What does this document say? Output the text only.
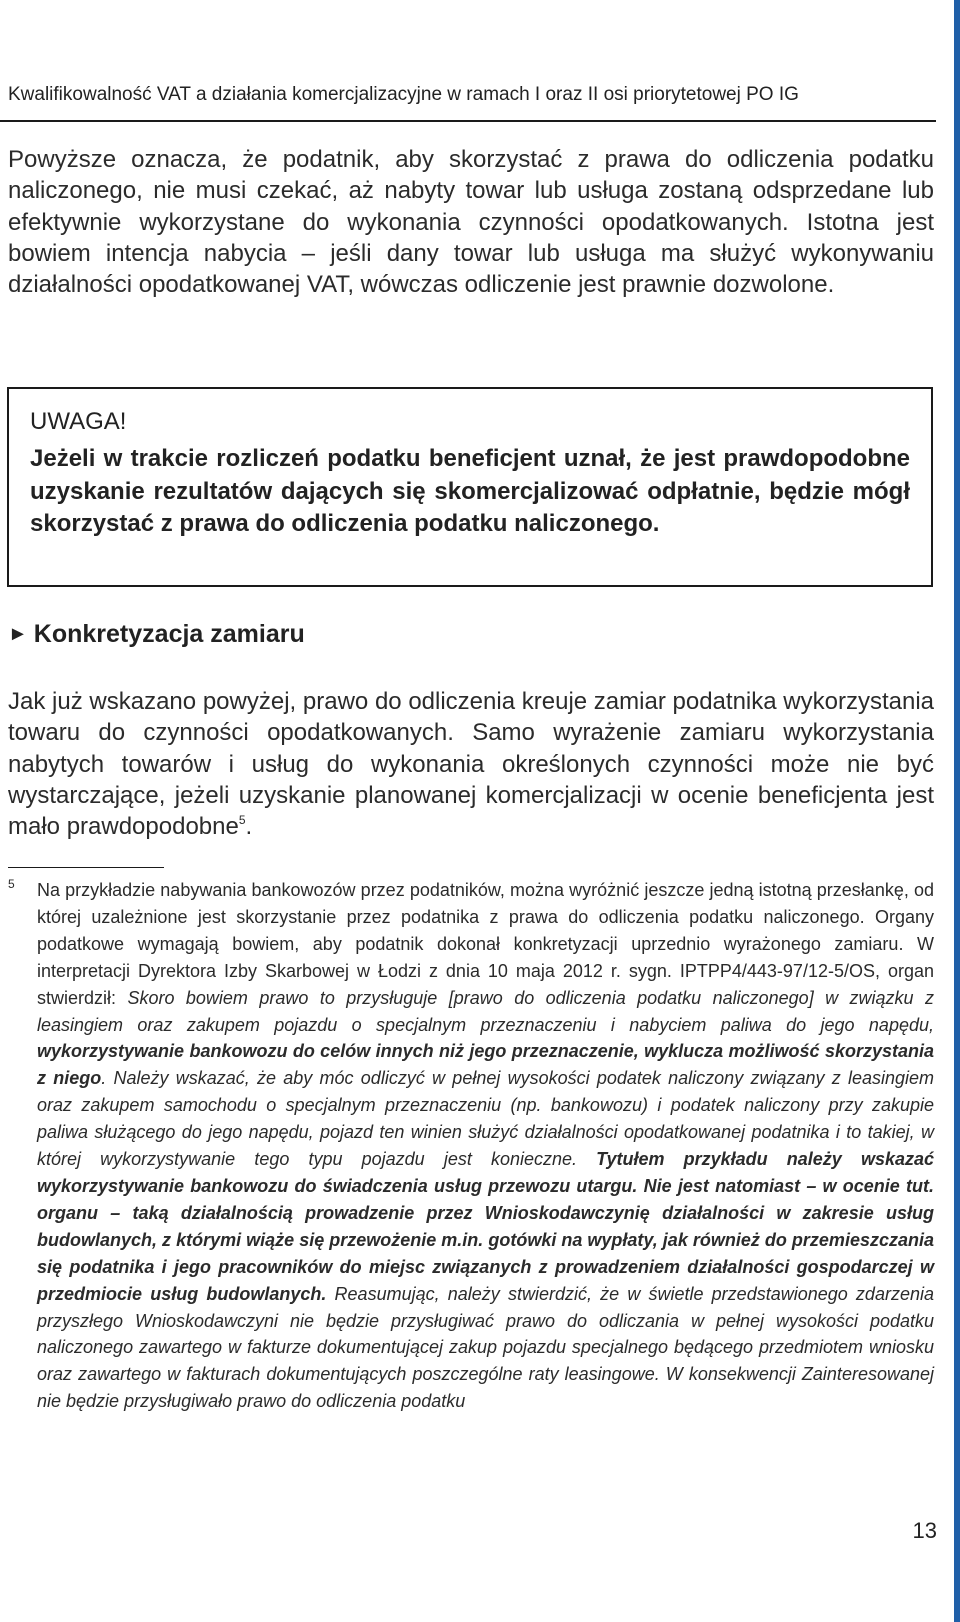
Kwalifikowalność VAT a działania komercjalizacyjne w ramach I oraz II osi priorytetowej PO IG

Powyższe oznacza, że podatnik, aby skorzystać z prawa do odliczenia podatku naliczonego, nie musi czekać, aż nabyty towar lub usługa zostaną odsprzedane lub efektywnie wykorzystane do wykonania czynności opodatkowanych. Istotna jest bowiem intencja nabycia – jeśli dany towar lub usługa ma służyć wykonywaniu działalności opodatkowanej VAT, wówczas odliczenie jest prawnie dozwolone.

UWAGA!

Jeżeli w trakcie rozliczeń podatku beneficjent uznał, że jest prawdopodobne uzyskanie rezultatów dających się skomercjalizować odpłatnie, będzie mógł skorzystać z prawa do odliczenia podatku naliczonego.

► Konkretyzacja zamiaru

Jak już wskazano powyżej, prawo do odliczenia kreuje zamiar podatnika wykorzystania towaru do czynności opodatkowanych. Samo wyrażenie zamiaru wykorzystania nabytych towarów i usług do wykonania określonych czynności może nie być wystarczające, jeżeli uzyskanie planowanej komercjalizacji w ocenie beneficjenta jest mało prawdopodobne$^5$.

5 Na przykładzie nabywania bankowozów przez podatników, można wyróżnić jeszcze jedną istotną przesłankę, od której uzależnione jest skorzystanie przez podatnika z prawa do odliczenia podatku naliczonego. Organy podatkowe wymagają bowiem, aby podatnik dokonał konkretyzacji uprzednio wyrażonego zamiaru. W interpretacji Dyrektora Izby Skarbowej w Łodzi z dnia 10 maja 2012 r. sygn. IPTPP4/443-97/12-5/OS, organ stwierdził: Skoro bowiem prawo to przysługuje [prawo do odliczenia podatku naliczonego] w związku z leasingiem oraz zakupem pojazdu o specjalnym przeznaczeniu i nabyciem paliwa do jego napędu, wykorzystywanie bankowozu do celów innych niż jego przeznaczenie, wyklucza możliwość skorzystania z niego. Należy wskazać, że aby móc odliczyć w pełnej wysokości podatek naliczony związany z leasingiem oraz zakupem samochodu o specjalnym przeznaczeniu (np. bankowozu) i podatek naliczony przy zakupie paliwa służącego do jego napędu, pojazd ten winien służyć działalności opodatkowanej podatnika i to takiej, w której wykorzystywanie tego typu pojazdu jest konieczne. Tytułem przykładu należy wskazać wykorzystywanie bankowozu do świadczenia usług przewozu utargu. Nie jest natomiast – w ocenie tut. organu – taką działalnością prowadzenie przez Wnioskodawczynię działalności w zakresie usług budowlanych, z którymi wiąże się przewożenie m.in. gotówki na wypłaty, jak również do przemieszczania się podatnika i jego pracowników do miejsc związanych z prowadzeniem działalności gospodarczej w przedmiocie usług budowlanych. Reasumując, należy stwierdzić, że w świetle przedstawionego zdarzenia przyszłego Wnioskodawczyni nie będzie przysługiwać prawo do odliczania w pełnej wysokości podatku naliczonego zawartego w fakturze dokumentującej zakup pojazdu specjalnego będącego przedmiotem wniosku oraz zawartego w fakturach dokumentujących poszczególne raty leasingowe. W konsekwencji Zainteresowanej nie będzie przysługiwało prawo do odliczenia podatku

13
